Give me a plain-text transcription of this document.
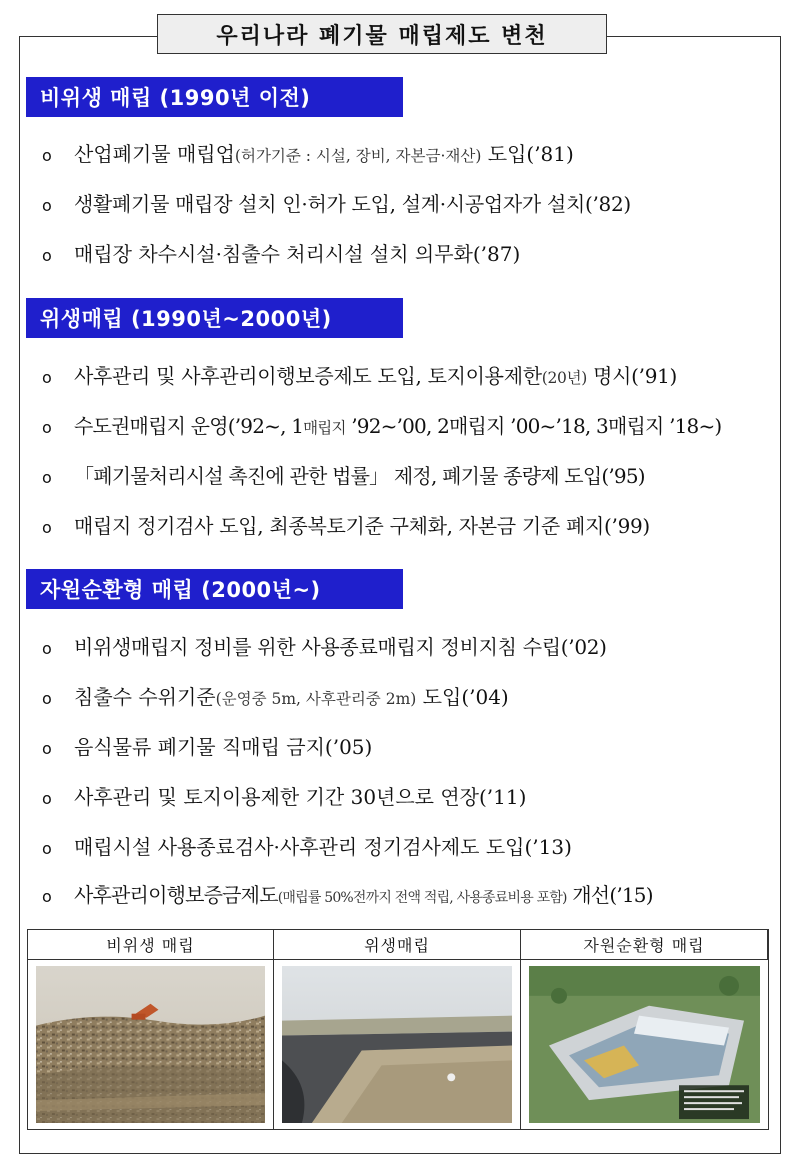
우리나라 폐기물 매립제도 변천
비위생 매립 (1990년 이전)
o	산업폐기물 매립업(허가기준 : 시설, 장비, 자본금·재산) 도입(’81)
o	생활폐기물 매립장 설치 인·허가 도입, 설계·시공업자가 설치(’82)
o	매립장 차수시설·침출수 처리시설 설치 의무화(’87)
위생매립 (1990년~2000년)
o	사후관리 및 사후관리이행보증제도 도입, 토지이용제한(20년) 명시(’91)
o	수도권매립지 운영(’92~, 1매립지 ’92~’00, 2매립지 ’00~’18, 3매립지 ’18~)
o	「폐기물처리시설 촉진에 관한 법률」 제정, 폐기물 종량제 도입(’95)
o	매립지 정기검사 도입, 최종복토기준 구체화, 자본금 기준 폐지(’99)
자원순환형 매립 (2000년~)
o	비위생매립지 정비를 위한 사용종료매립지 정비지침 수립(’02)
o	침출수 수위기준(운영중 5m, 사후관리중 2m) 도입(’04)
o	음식물류 폐기물 직매립 금지(’05)
o	사후관리 및 토지이용제한 기간 30년으로 연장(’11)
o	매립시설 사용종료검사·사후관리 정기검사제도 도입(’13)
o	사후관리이행보증금제도(매립률 50%전까지 전액 적립, 사용종료비용 포함) 개선(’15)
비위생 매립	위생매립	자원순환형 매립
